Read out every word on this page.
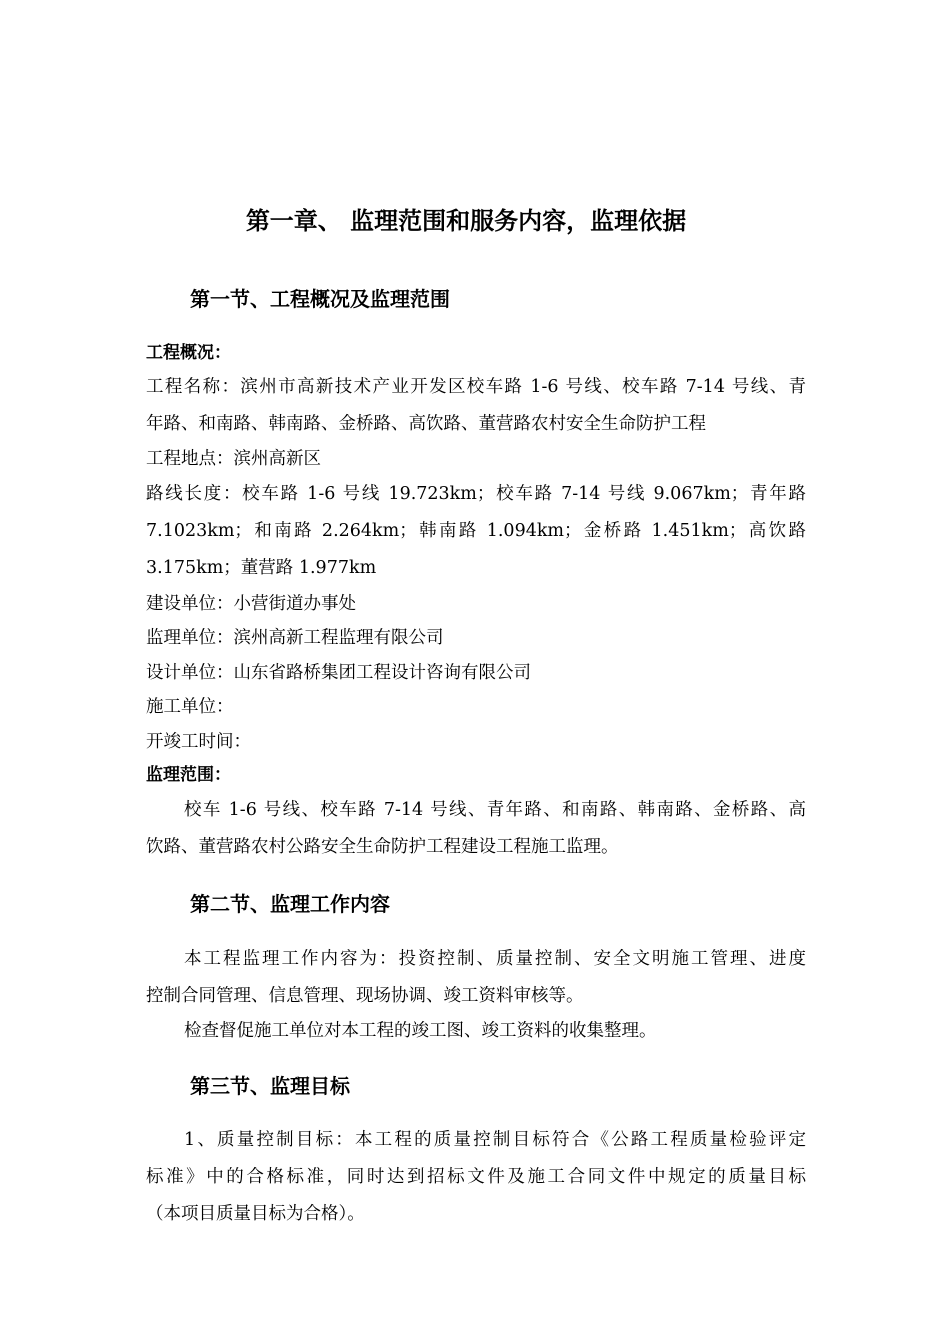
第一章、 监理范围和服务内容，监理依据
第一节、工程概况及监理范围
工程概况：
工程名称：滨州市高新技术产业开发区校车路 1-6 号线、校车路 7-14 号线、青
年路、和南路、韩南路、金桥路、高饮路、董营路农村安全生命防护工程
工程地点：滨州高新区
路线长度：校车路 1-6 号线 19.723km；校车路 7-14 号线 9.067km；青年路
7.1023km；和南路 2.264km；韩南路 1.094km；金桥路 1.451km；高饮路
3.175km；董营路 1.977km
建设单位：小营街道办事处
监理单位：滨州高新工程监理有限公司
设计单位：山东省路桥集团工程设计咨询有限公司
施工单位：
开竣工时间：
监理范围：
校车 1-6 号线、校车路 7-14 号线、青年路、和南路、韩南路、金桥路、高
饮路、董营路农村公路安全生命防护工程建设工程施工监理。
第二节、监理工作内容
本工程监理工作内容为：投资控制、质量控制、安全文明施工管理、进度
控制合同管理、信息管理、现场协调、竣工资料审核等。
检查督促施工单位对本工程的竣工图、竣工资料的收集整理。
第三节、监理目标
1、质量控制目标：本工程的质量控制目标符合《公路工程质量检验评定
标准》中的合格标准，同时达到招标文件及施工合同文件中规定的质量目标
（本项目质量目标为合格）。
